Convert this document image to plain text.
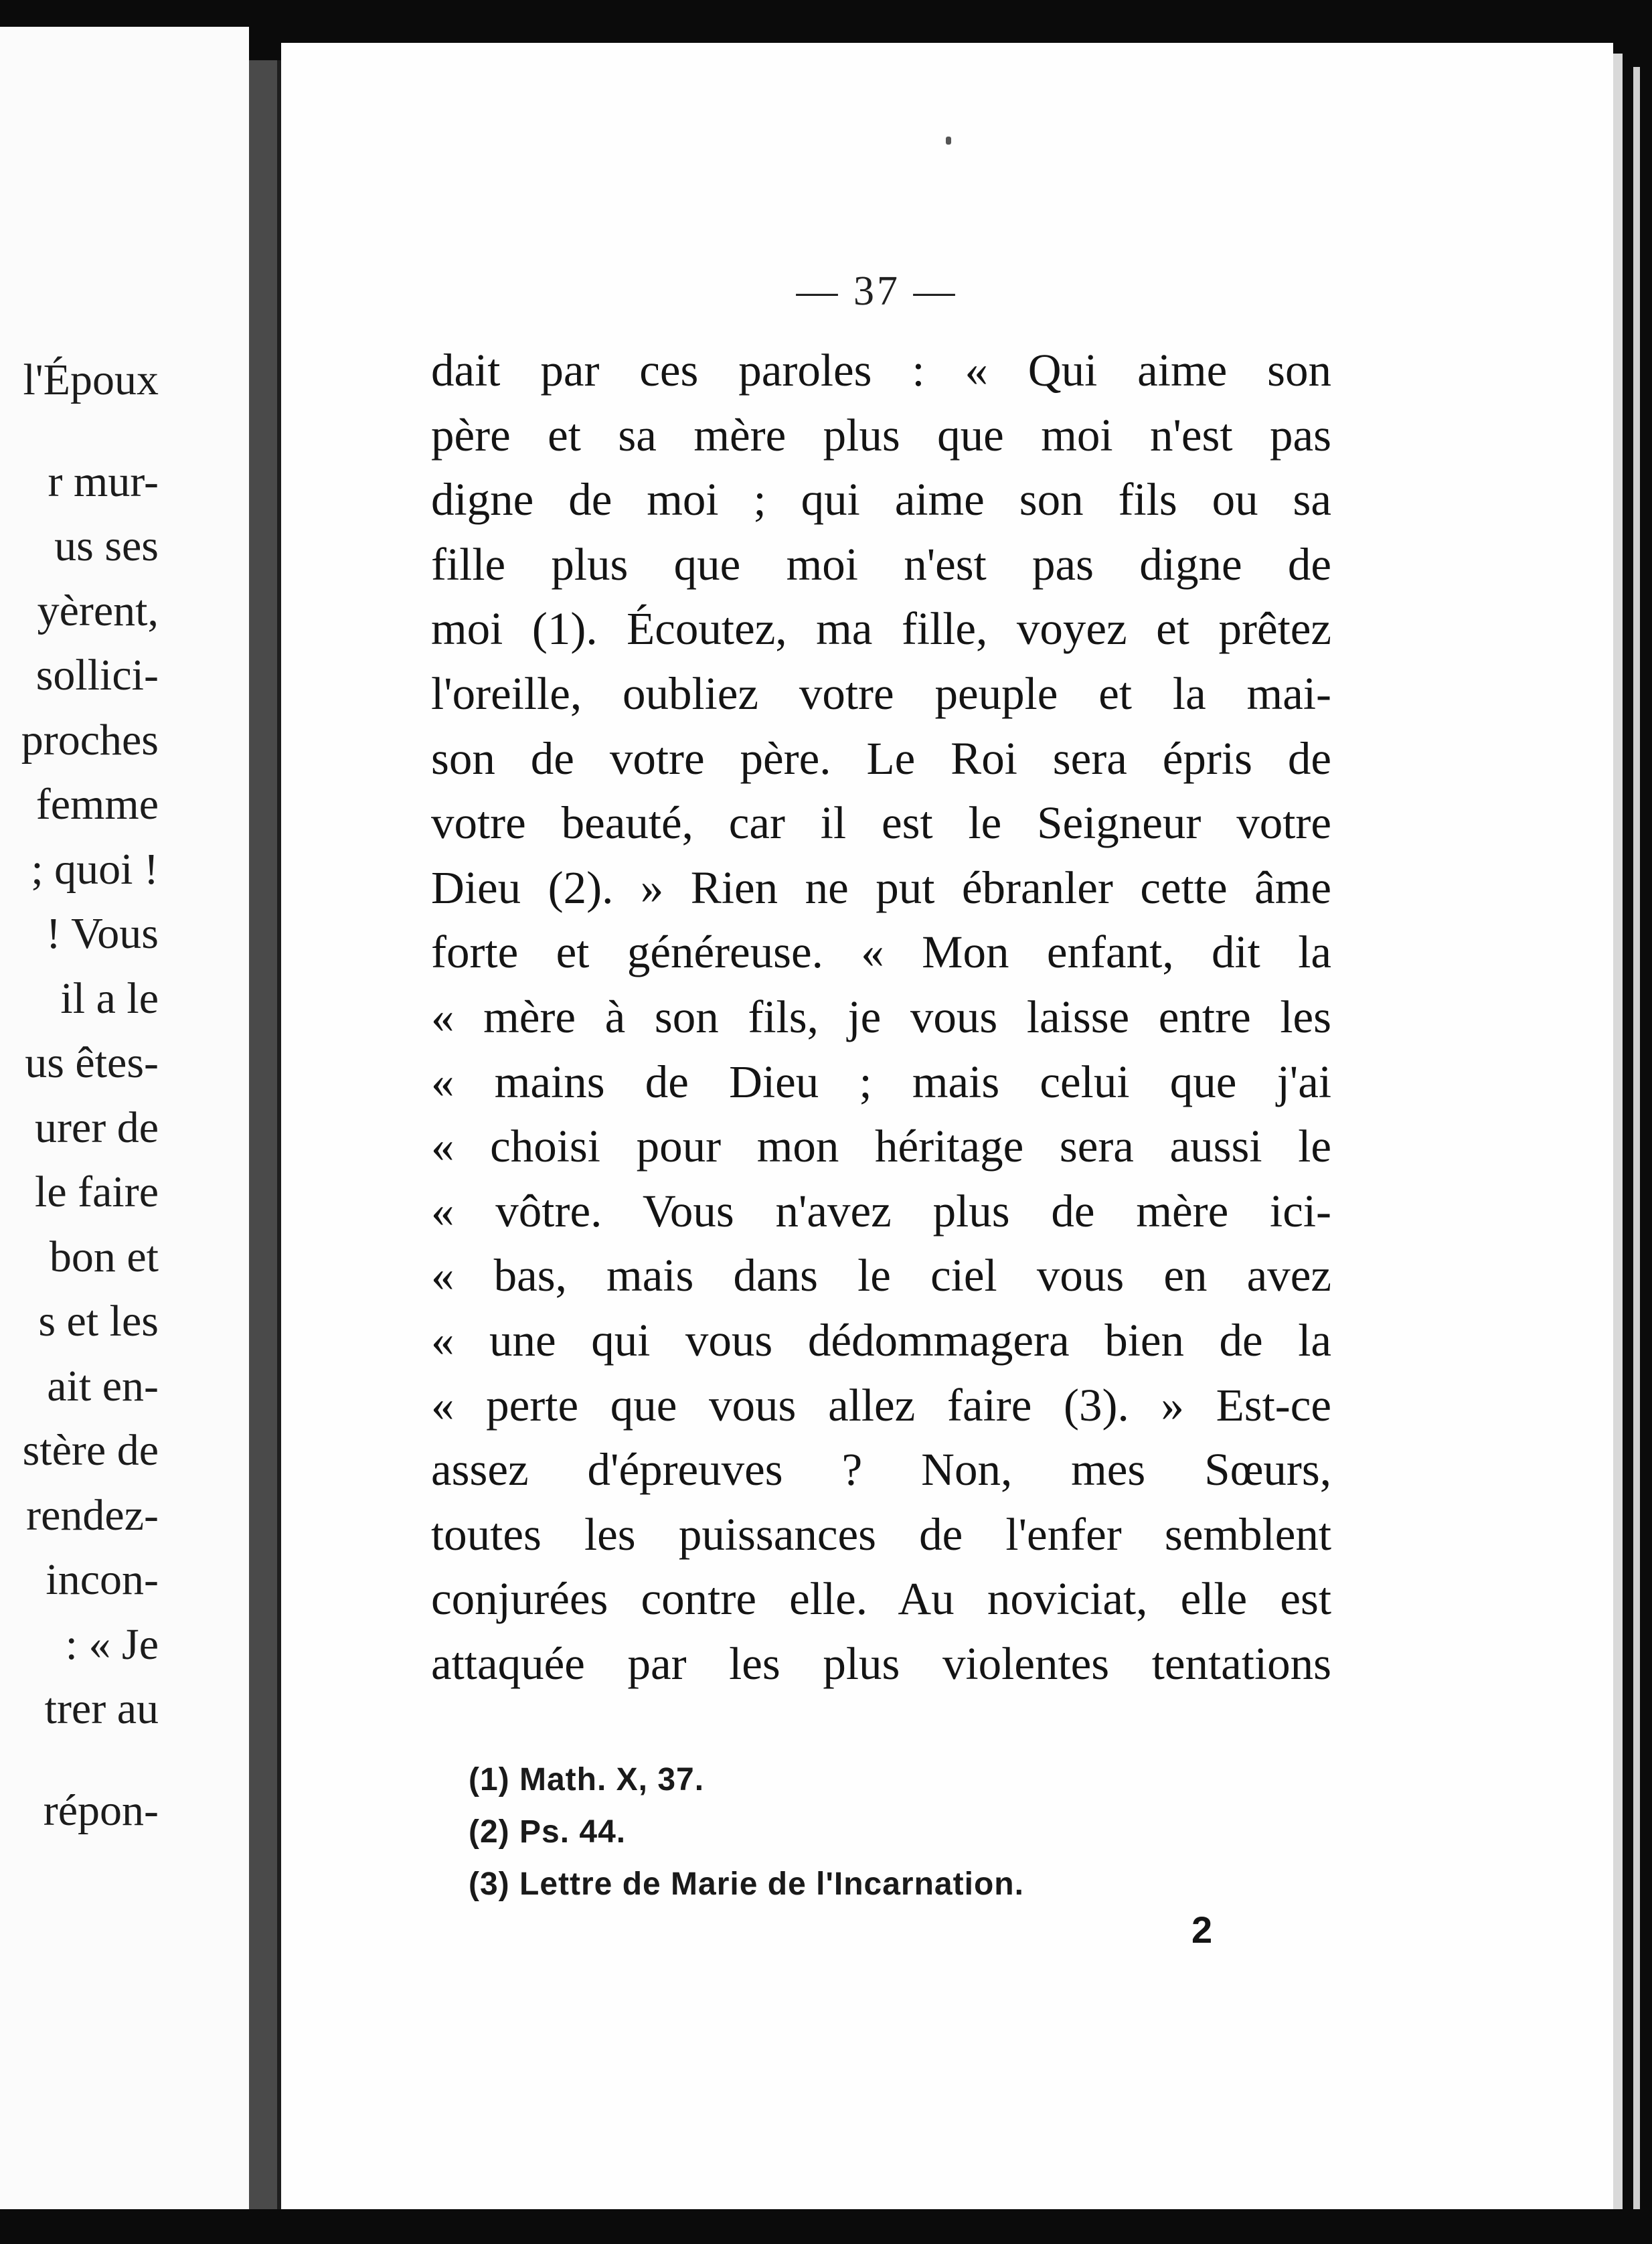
l'Époux
r mur-
us ses
yèrent,
sollici-
proches
femme
; quoi !
! Vous
il a le
us êtes-
urer de
le faire
bon et
s et les
ait en-
stère de
rendez-
incon-
: « Je
trer au
répon-
— 37 —
dait par ces paroles : « Qui aime son
père et sa mère plus que moi n'est pas
digne de moi ; qui aime son fils ou sa
fille plus que moi n'est pas digne de
moi (1). Écoutez, ma fille, voyez et prêtez
l'oreille, oubliez votre peuple et la mai-
son de votre père. Le Roi sera épris de
votre beauté, car il est le Seigneur votre
Dieu (2). » Rien ne put ébranler cette âme
forte et généreuse. « Mon enfant, dit la
« mère à son fils, je vous laisse entre les
« mains de Dieu ; mais celui que j'ai
« choisi pour mon héritage sera aussi le
« vôtre. Vous n'avez plus de mère ici-
« bas, mais dans le ciel vous en avez
« une qui vous dédommagera bien de la
« perte que vous allez faire (3). » Est-ce
assez d'épreuves ? Non, mes Sœurs,
toutes les puissances de l'enfer semblent
conjurées contre elle. Au noviciat, elle est
attaquée par les plus violentes tentations
(1) Math. X, 37.
(2) Ps. 44.
(3) Lettre de Marie de l'Incarnation.
2
